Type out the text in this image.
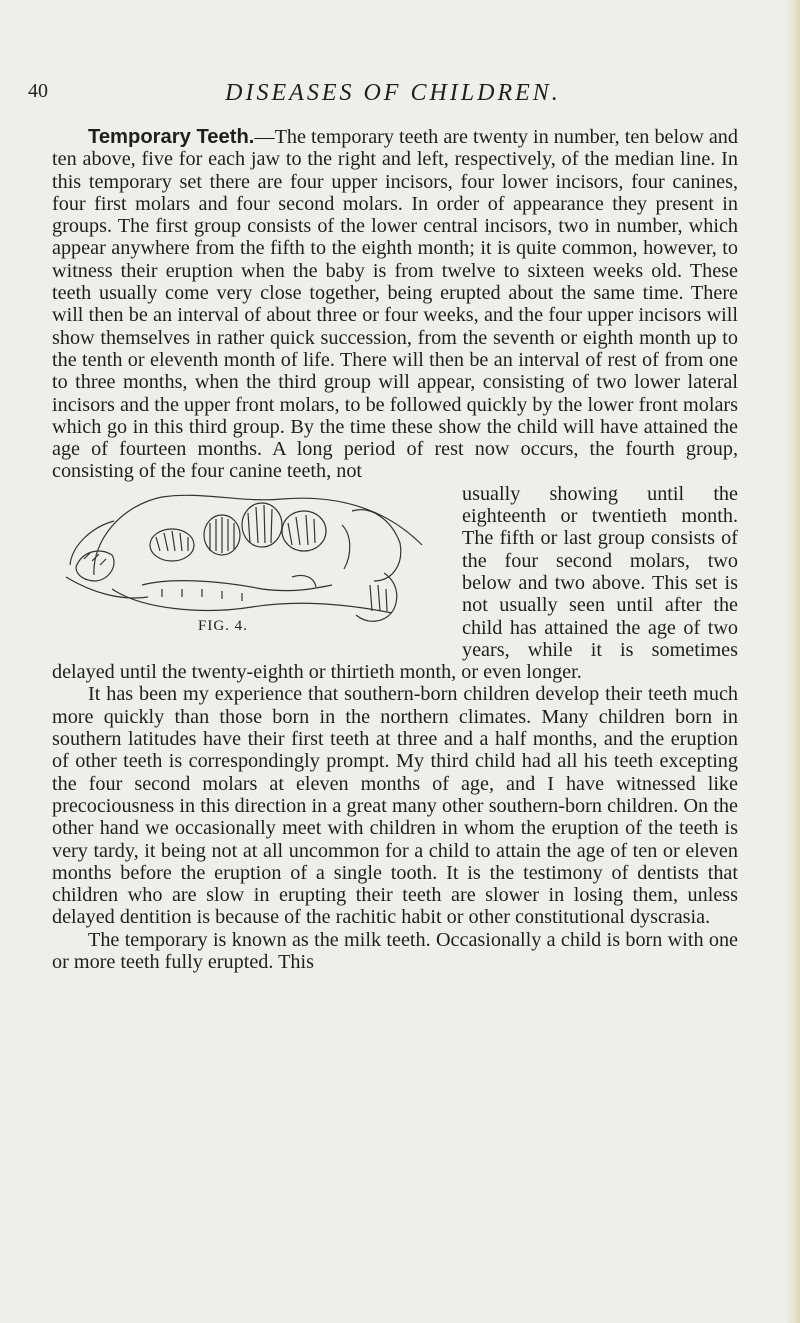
40	DISEASES OF CHILDREN.

Temporary Teeth.—The temporary teeth are twenty in number, ten below and ten above, five for each jaw to the right and left, respectively, of the median line. In this temporary set there are four upper incisors, four lower incisors, four canines, four first molars and four second molars. In order of appearance they present in groups. The first group consists of the lower central incisors, two in number, which appear anywhere from the fifth to the eighth month; it is quite common, however, to witness their eruption when the baby is from twelve to sixteen weeks old. These teeth usually come very close together, being erupted about the same time. There will then be an interval of about three or four weeks, and the four upper incisors will show themselves in rather quick succession, from the seventh or eighth month up to the tenth or eleventh month of life. There will then be an interval of rest of from one to three months, when the third group will appear, consisting of two lower lateral incisors and the upper front molars, to be followed quickly by the lower front molars which go in this third group. By the time these show the child will have attained the age of fourteen months. A long period of rest now occurs, the fourth group, consisting of the four canine teeth, not

FIG. 4.
usually showing until the eighteenth or twentieth month. The fifth or last group consists of the four second molars, two below and two above. This set is not usually seen until after the child has attained the age of two years, while it is sometimes delayed until the twenty-eighth or thirtieth month, or even longer.

It has been my experience that southern-born children develop their teeth much more quickly than those born in the northern climates. Many children born in southern latitudes have their first teeth at three and a half months, and the eruption of other teeth is correspondingly prompt. My third child had all his teeth excepting the four second molars at eleven months of age, and I have witnessed like precociousness in this direction in a great many other southern-born children. On the other hand we occasionally meet with children in whom the eruption of the teeth is very tardy, it being not at all uncommon for a child to attain the age of ten or eleven months before the eruption of a single tooth. It is the testimony of dentists that children who are slow in erupting their teeth are slower in losing them, unless delayed dentition is because of the rachitic habit or other constitutional dyscrasia.

The temporary is known as the milk teeth. Occasionally a child is born with one or more teeth fully erupted. This
